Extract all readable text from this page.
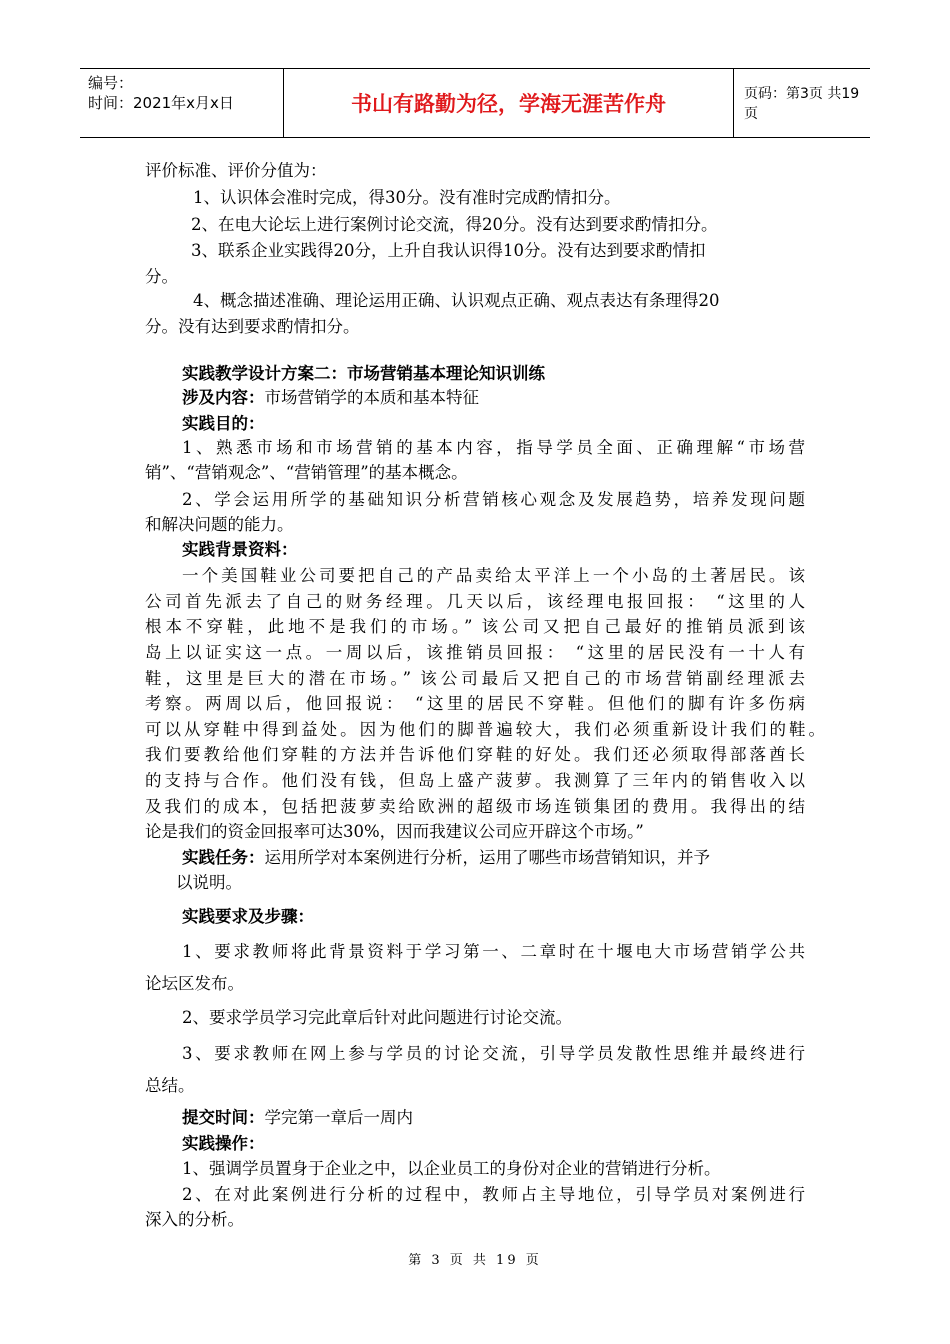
编号：
时间：2021年x月x日	书山有路勤为径，学海无涯苦作舟	页码：第3页 共19页
评价标准、评价分值为：
1、认识体会准时完成，得30分。没有准时完成酌情扣分。
2、在电大论坛上进行案例讨论交流，得20分。没有达到要求酌情扣分。
3、联系企业实践得20分，上升自我认识得10分。没有达到要求酌情扣
分。
4、概念描述准确、理论运用正确、认识观点正确、观点表达有条理得20
分。没有达到要求酌情扣分。
实践教学设计方案二：市场营销基本理论知识训练
涉及内容：市场营销学的本质和基本特征
实践目的：
1、熟悉市场和市场营销的基本内容，指导学员全面、正确理解“市场营
销”、“营销观念”、“营销管理”的基本概念。
2、学会运用所学的基础知识分析营销核心观念及发展趋势，培养发现问题
和解决问题的能力。
实践背景资料：
一个美国鞋业公司要把自己的产品卖给太平洋上一个小岛的土著居民。该
公司首先派去了自己的财务经理。几天以后，该经理电报回报： “这里的人
根本不穿鞋，此地不是我们的市场。” 该公司又把自己最好的推销员派到该
岛上以证实这一点。一周以后，该推销员回报： “这里的居民没有一十人有
鞋，这里是巨大的潜在市场。” 该公司最后又把自己的市场营销副经理派去
考察。两周以后，他回报说： “这里的居民不穿鞋。但他们的脚有许多伤病
可以从穿鞋中得到益处。因为他们的脚普遍较大，我们必须重新设计我们的鞋。
我们要教给他们穿鞋的方法并告诉他们穿鞋的好处。我们还必须取得部落酋长
的支持与合作。他们没有钱，但岛上盛产菠萝。我测算了三年内的销售收入以
及我们的成本，包括把菠萝卖给欧洲的超级市场连锁集团的费用。我得出的结
论是我们的资金回报率可达30%，因而我建议公司应开辟这个市场。”
实践任务：运用所学对本案例进行分析，运用了哪些市场营销知识，并予
以说明。
实践要求及步骤：
1、要求教师将此背景资料于学习第一、二章时在十堰电大市场营销学公共
论坛区发布。
2、要求学员学习完此章后针对此问题进行讨论交流。
3、要求教师在网上参与学员的讨论交流，引导学员发散性思维并最终进行
总结。
提交时间：学完第一章后一周内
实践操作：
1、强调学员置身于企业之中，以企业员工的身份对企业的营销进行分析。
2、在对此案例进行分析的过程中，教师占主导地位，引导学员对案例进行
深入的分析。
第 3 页 共 19 页
